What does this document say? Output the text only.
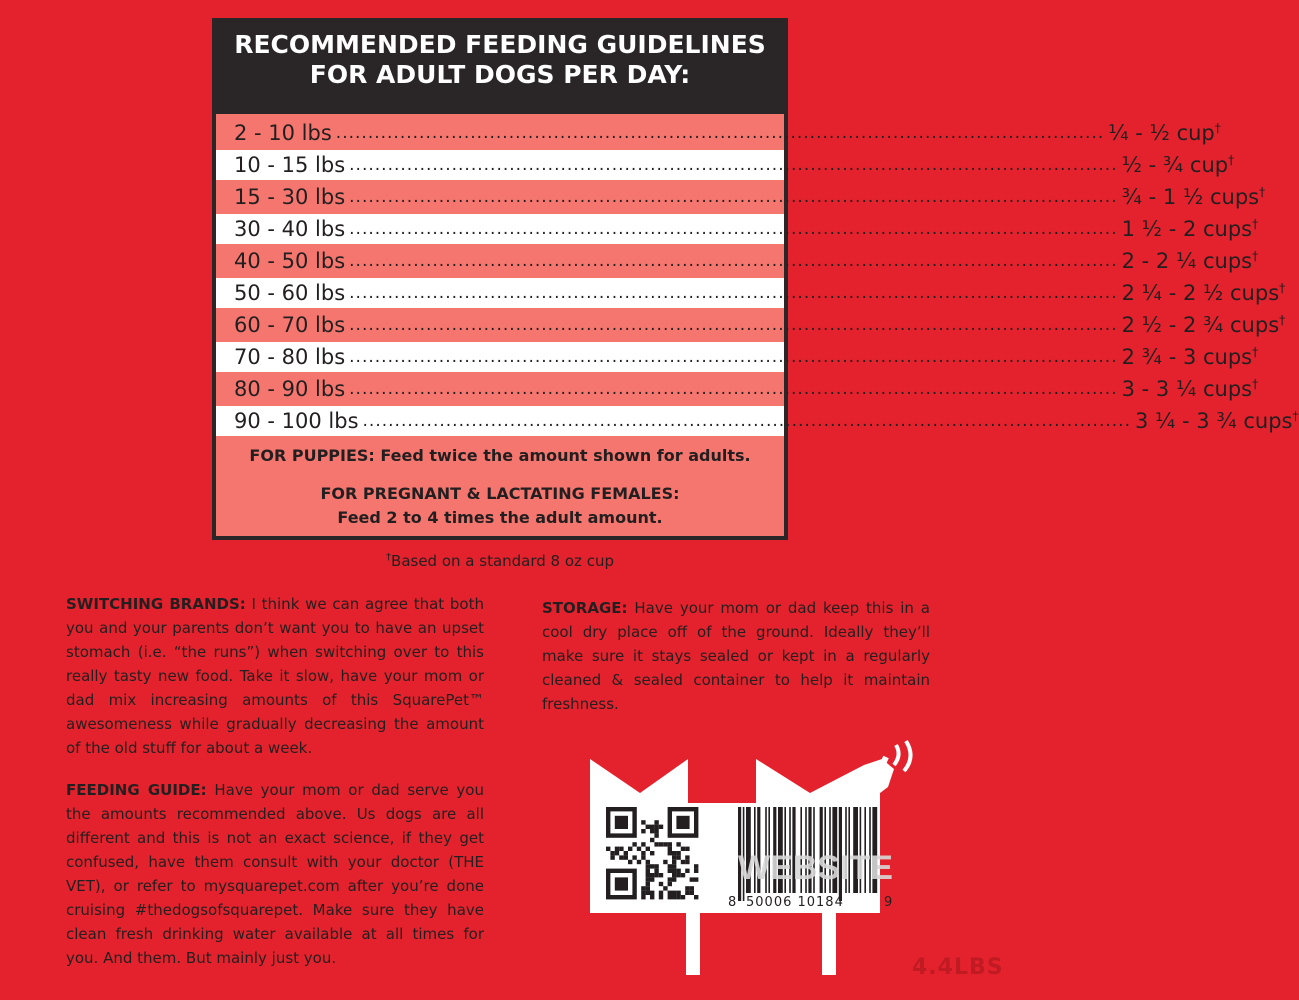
RECOMMENDED FEEDING GUIDELINES
FOR ADULT DOGS PER DAY:
FOR PUPPIES: Feed twice the amount shown for adults.
FOR PREGNANT & LACTATING FEMALES:
Feed 2 to 4 times the adult amount.
2 - 10 lbs ........................................................................................................................ ¼ - ½ cup†
10 - 15 lbs ........................................................................................................................ ½ - ¾ cup†
15 - 30 lbs ........................................................................................................................ ¾ - 1 ½ cups†
30 - 40 lbs ........................................................................................................................ 1 ½ - 2 cups†
40 - 50 lbs ........................................................................................................................ 2 - 2 ¼ cups†
50 - 60 lbs ........................................................................................................................ 2 ¼ - 2 ½ cups†
60 - 70 lbs ........................................................................................................................ 2 ½ - 2 ¾ cups†
70 - 80 lbs ........................................................................................................................ 2 ¾ - 3 cups†
80 - 90 lbs ........................................................................................................................ 3 - 3 ¼ cups†
90 - 100 lbs ........................................................................................................................ 3 ¼ - 3 ¾ cups†
†Based on a standard 8 oz cup
SWITCHING BRANDS: I think we can agree that both you and your parents don’t want you to have an upset stomach (i.e. “the runs”) when switching over to this really tasty new food. Take it slow, have your mom or dad mix increasing amounts of this SquarePet™ awesomeness while gradually decreasing the amount of the old stuff for about a week.
FEEDING GUIDE: Have your mom or dad serve you the amounts recommended above. Us dogs are all different and this is not an exact science, if they get confused, have them consult with your doctor (THE VET), or refer to mysquarepet.com after you’re done cruising #thedogsofsquarepet. Make sure they have clean fresh drinking water available at all times for you. And them. But mainly just you.
STORAGE: Have your mom or dad keep this in a cool dry place off of the ground. Ideally they’ll make sure it stays sealed or kept in a regularly cleaned & sealed container to help it maintain freshness.
WEBSITE
8 50006 10184	9
4.4LBS
